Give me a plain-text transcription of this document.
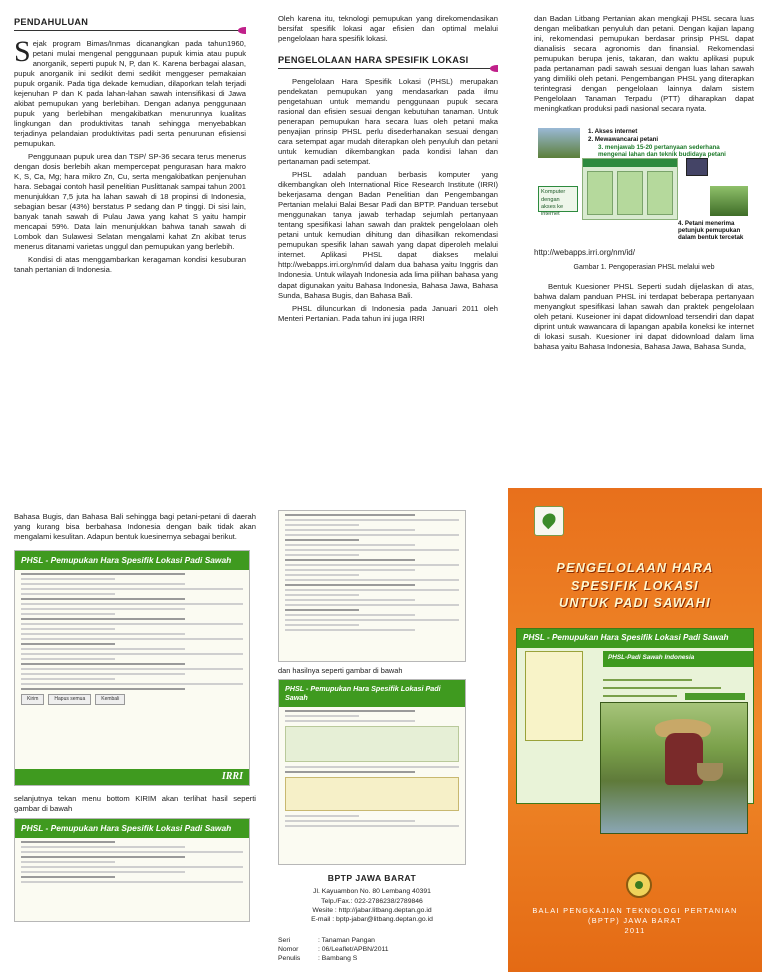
PENDAHULUAN

Sejak program Bimas/Inmas dicanangkan pada tahun1960, petani mulai mengenal penggunaan pupuk kimia atau pupuk anorganik, seperti pupuk N, P, dan K. Karena berbagai alasan, pupuk anorganik ini sedikit demi sedikit menggeser pemakaian pupuk organik. Pada tiga dekade kemudian, dilaporkan telah terjadi kejenuhan P dan K pada lahan-lahan sawah intensifikasi di Jawa akibat pemupukan yang berlebihan. Dengan adanya penggunaan pupuk yang berlebihan mengakibatkan menurunnya kualitas lingkungan dan produktivitas tanah sehingga menyebabkan terjadinya pelandaian produktivitas padi serta penurunan efisiensi pemupukan.

Penggunaan pupuk urea dan TSP/ SP-36 secara terus menerus dengan dosis berlebih akan mempercepat pengurasan hara makro K, S, Ca, Mg; hara mikro Zn, Cu, serta mengakibatkan penjenuhan hara. Sebagai contoh hasil penelitian Puslittanak sampai tahun 2001 menunjukkan 7,5 juta ha lahan sawah di 18 propinsi di Indonesia, sebagian besar (43%) berstatus P sedang dan P tinggi. Di sisi lain, banyak tanah sawah di Pulau Jawa yang kahat S yaitu hampir mencapai 59%. Data lain menunjukkan bahwa tanah sawah di Lombok dan Sulawesi Selatan mengalami kahat Zn akibat terus menerus ditanami varietas unggul dan pemupukan yang berlebih.

Kondisi di atas menggambarkan keragaman kondisi kesuburan tanah pertanian di Indonesia.

Oleh karena itu, teknologi pemupukan yang direkomendasikan bersifat spesifik lokasi agar efisien dan optimal melalui pengelolaan hara spesifik lokasi.

PENGELOLAAN HARA SPESIFIK LOKASI

Pengelolaan Hara Spesifik Lokasi (PHSL) merupakan pendekatan pemupukan yang mendasarkan pada ilmu pengetahuan untuk memandu penggunaan pupuk secara rasional dan efisien sesuai dengan kebutuhan tanaman. Untuk penerapan pemupukan hara secara luas oleh petani maka penyajian prinsip PHSL perlu disederhanakan sesuai dengan cara setempat agar mudah diterapkan oleh penyuluh dan petani untuk kemudian dikembangkan pada kondisi lahan dan pertanaman padi setempat.

PHSL adalah panduan berbasis komputer yang dikembangkan oleh International Rice Research Institute (IRRI) bekerjasama dengan Badan Penelitian dan Pengembangan Pertanian melalui Balai Besar Padi dan BPTP. Panduan tersebut menggunakan tanya jawab terhadap sejumlah pertanyaan tentang spesifikasi lahan sawah dan praktek pengelolaan oleh petani untuk kemudian dihitung dan dihasilkan rekomendasi pemupukan spesifik lahan sawah yang dapat diperoleh melalui internet. Aplikasi PHSL dapat diakses melalui http://webapps.irri.org/nm/id dalam dua bahasa yaitu Inggris dan Indonesia. Untuk wilayah Indonesia ada lima pilihan bahasa yang dapat digunakan yaitu Bahasa Indonesia, Bahasa Jawa, Bahasa Sunda, Bahasa Bugis, dan Bahasa Bali.

PHSL diluncurkan di Indonesia pada Januari 2011 oleh Menteri Pertanian. Pada tahun ini juga IRRI

dan Badan Litbang Pertanian akan mengkaji PHSL secara luas dengan melibatkan penyuluh dan petani. Dengan kajian lapang ini, rekomendasi pemupukan berdasar prinsip PHSL dapat dianalisis secara agronomis dan finansial. Rekomendasi pemupukan berupa jenis, takaran, dan waktu aplikasi pupuk pada pertanaman padi sawah sesuai dengan luas lahan sawah yang dimiliki oleh petani. Pengembangan PHSL yang diterapkan terintegrasi dengan pengelolaan lainnya dalam sistem Pengelolaan Tanaman Terpadu (PTT) diharapkan dapat meningkatkan produksi padi nasional secara nyata.

1. Akses internet
2. Mewawancarai petani
3. menjawab 15-20 pertanyaan sederhana mengenai lahan dan teknik budidaya petani
Komputer dengan akses ke internet
4. Petani menerima petunjuk pemupukan dalam bentuk tercetak
http://webapps.irri.org/nm/id/
Gambar 1. Pengoperasian PHSL melalui web

Bentuk Kuesioner PHSL Seperti sudah dijelaskan di atas, bahwa dalam panduan PHSL ini terdapat beberapa pertanyaan menyangkut spesifikasi lahan sawah dan praktek pengelolaan oleh petani. Kuseioner ini dapat didownload tersendiri dan dapat diprint untuk wawancara di lapangan apabila koneksi ke internet di lokasi susah. Kuesioner ini dapat didownload dalam lima bahasa yaitu Bahasa Indonesia, Bahasa Jawa, Bahasa Sunda,

Bahasa Bugis, dan Bahasa Bali sehingga bagi petani-petani di daerah yang kurang bisa berbahasa Indonesia dengan baik tidak akan mengalami kesulitan. Adapun bentuk kuesinernya sebagai berikut.

PHSL - Pemupukan Hara Spesifik Lokasi Padi Sawah
Kirim	Hapus semua	Kembali
IRRI

selanjutnya tekan menu bottom KIRIM akan terlihat hasil seperti gambar di bawah

PHSL - Pemupukan Hara Spesifik Lokasi Padi Sawah

dan hasilnya seperti gambar di bawah

PHSL - Pemupukan Hara Spesifik Lokasi Padi Sawah
BPTP JAWA BARAT
Jl. Kayuambon No. 80 Lembang 40391
Telp./Fax.: 022-2786238/2789846
Wesite : http://jabar.litbang.deptan.go.id
E-mail : bptp-jabar@litbang.deptan.go.id
Seri	: Tanaman Pangan
Nomor	: 06/Leaflet/APBN/2011
Penulis	: Bambang S
PENGELOLAAN HARA
SPESIFIK LOKASI
UNTUK PADI SAWAHI
PHSL - Pemupukan Hara Spesifik Lokasi Padi Sawah
PHSL-Padi Sawah Indonesia
BALAI PENGKAJIAN TEKNOLOGI PERTANIAN
(BPTP) JAWA BARAT
2011
